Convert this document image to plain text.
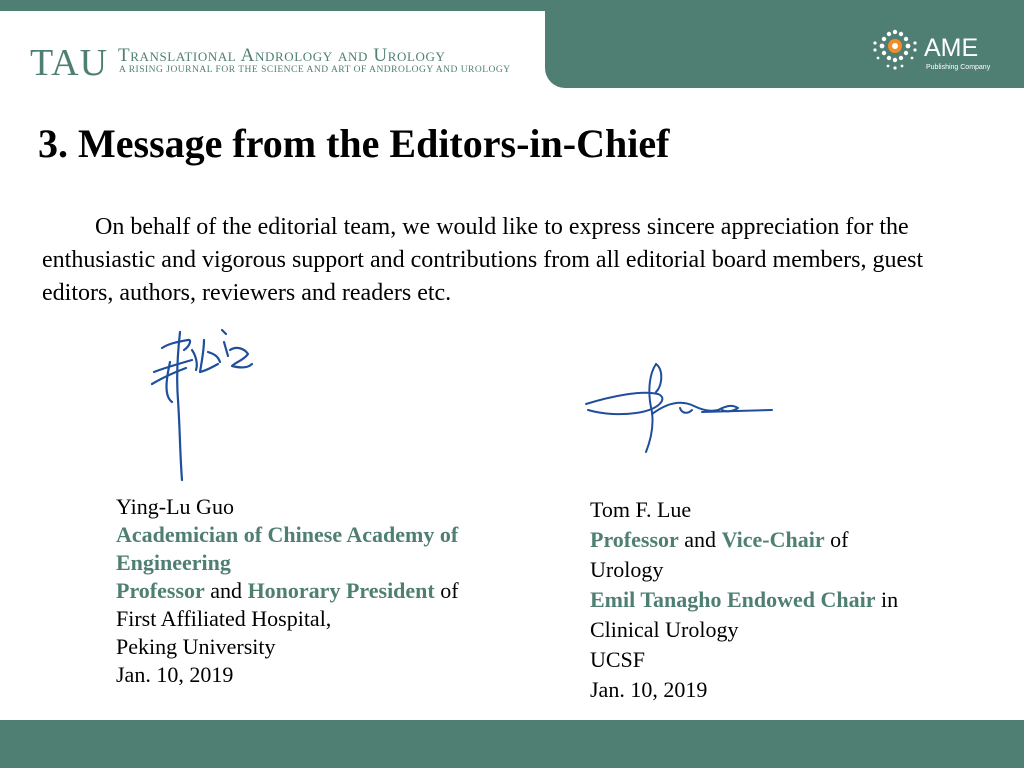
TAU Translational Andrology and Urology
A RISING JOURNAL FOR THE SCIENCE AND ART OF ANDROLOGY AND UROLOGY
AME
Publishing Company
3. Message from the Editors-in-Chief

On behalf of the editorial team, we would like to express sincere appreciation for the enthusiastic and vigorous support and contributions from all editorial board members, guest editors, authors, reviewers and readers etc.

Ying-Lu Guo
Academician of Chinese Academy of
Engineering
Professor and Honorary President of
First Affiliated Hospital,
Peking University
Jan. 10, 2019
Tom F. Lue
Professor and Vice-Chair of
Urology
Emil Tanagho Endowed Chair in
Clinical Urology
UCSF
Jan. 10, 2019
